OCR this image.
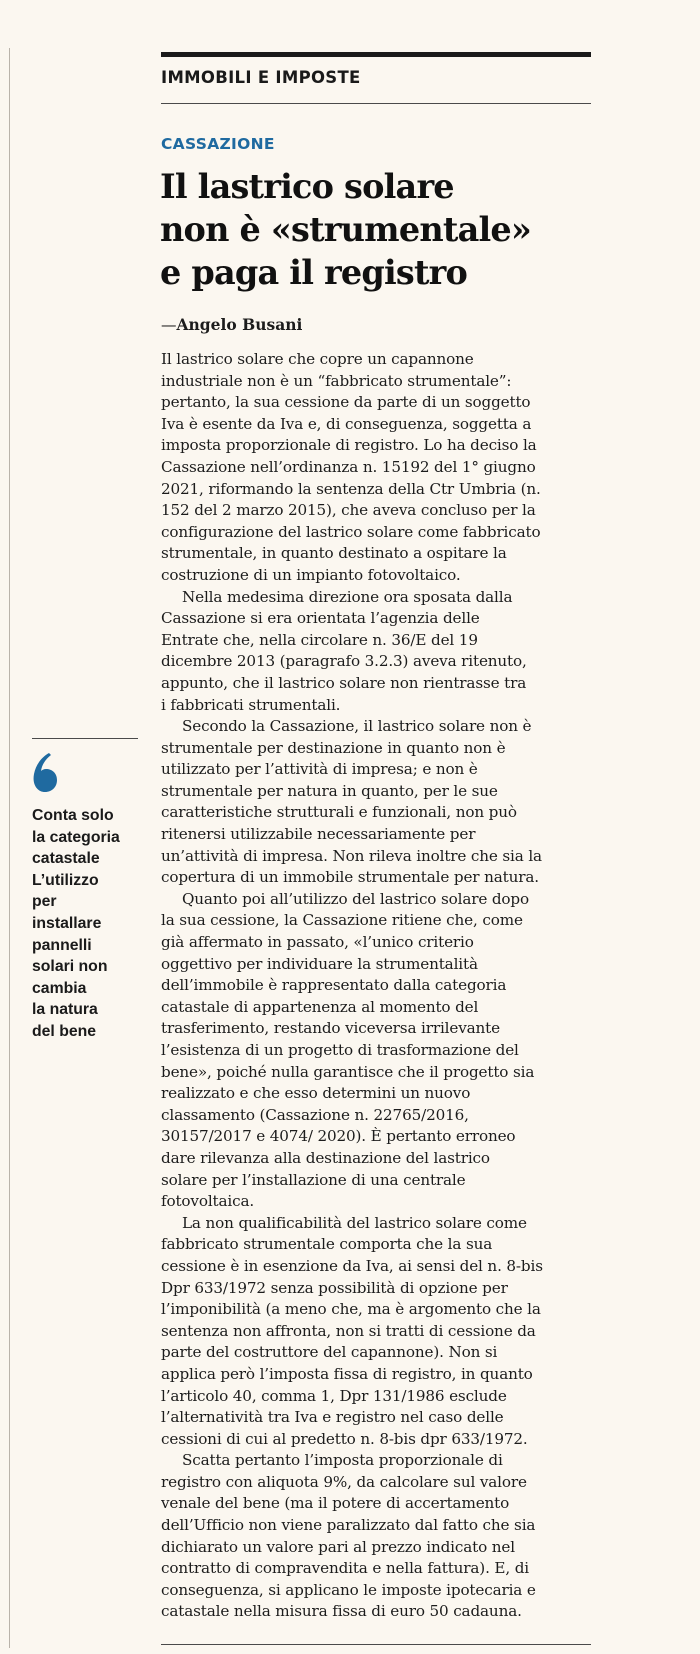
IMMOBILI E IMPOSTE
CASSAZIONE
Il lastrico solare
non è «strumentale»
e paga il registro
—Angelo Busani
Il lastrico solare che copre un capannone
industriale non è un “fabbricato strumentale”:
pertanto, la sua cessione da parte di un soggetto
Iva è esente da Iva e, di conseguenza, soggetta a
imposta proporzionale di registro. Lo ha deciso la
Cassazione nell’ordinanza n. 15192 del 1° giugno
2021, riformando la sentenza della Ctr Umbria (n.
152 del 2 marzo 2015), che aveva concluso per la
configurazione del lastrico solare come fabbricato
strumentale, in quanto destinato a ospitare la
costruzione di un impianto fotovoltaico.
Nella medesima direzione ora sposata dalla
Cassazione si era orientata l’agenzia delle
Entrate che, nella circolare n. 36/E del 19
dicembre 2013 (paragrafo 3.2.3) aveva ritenuto,
appunto, che il lastrico solare non rientrasse tra
i fabbricati strumentali.
Secondo la Cassazione, il lastrico solare non è
strumentale per destinazione in quanto non è
utilizzato per l’attività di impresa; e non è
strumentale per natura in quanto, per le sue
caratteristiche strutturali e funzionali, non può
ritenersi utilizzabile necessariamente per
un’attività di impresa. Non rileva inoltre che sia la
copertura di un immobile strumentale per natura.
Quanto poi all’utilizzo del lastrico solare dopo
la sua cessione, la Cassazione ritiene che, come
già affermato in passato, «l’unico criterio
oggettivo per individuare la strumentalità
dell’immobile è rappresentato dalla categoria
catastale di appartenenza al momento del
trasferimento, restando viceversa irrilevante
l’esistenza di un progetto di trasformazione del
bene», poiché nulla garantisce che il progetto sia
realizzato e che esso determini un nuovo
classamento (Cassazione n. 22765/2016,
30157/2017 e 4074/ 2020). È pertanto erroneo
dare rilevanza alla destinazione del lastrico
solare per l’installazione di una centrale
fotovoltaica.
La non qualificabilità del lastrico solare come
fabbricato strumentale comporta che la sua
cessione è in esenzione da Iva, ai sensi del n. 8-bis
Dpr 633/1972 senza possibilità di opzione per
l’imponibilità (a meno che, ma è argomento che la
sentenza non affronta, non si tratti di cessione da
parte del costruttore del capannone). Non si
applica però l’imposta fissa di registro, in quanto
l’articolo 40, comma 1, Dpr 131/1986 esclude
l’alternatività tra Iva e registro nel caso delle
cessioni di cui al predetto n. 8-bis dpr 633/1972.
Scatta pertanto l’imposta proporzionale di
registro con aliquota 9%, da calcolare sul valore
venale del bene (ma il potere di accertamento
dell’Ufficio non viene paralizzato dal fatto che sia
dichiarato un valore pari al prezzo indicato nel
contratto di compravendita e nella fattura). E, di
conseguenza, si applicano le imposte ipotecaria e
catastale nella misura fissa di euro 50 cadauna.
Conta solo
la categoria
catastale
L’utilizzo
per
installare
pannelli
solari non
cambia
la natura
del bene
